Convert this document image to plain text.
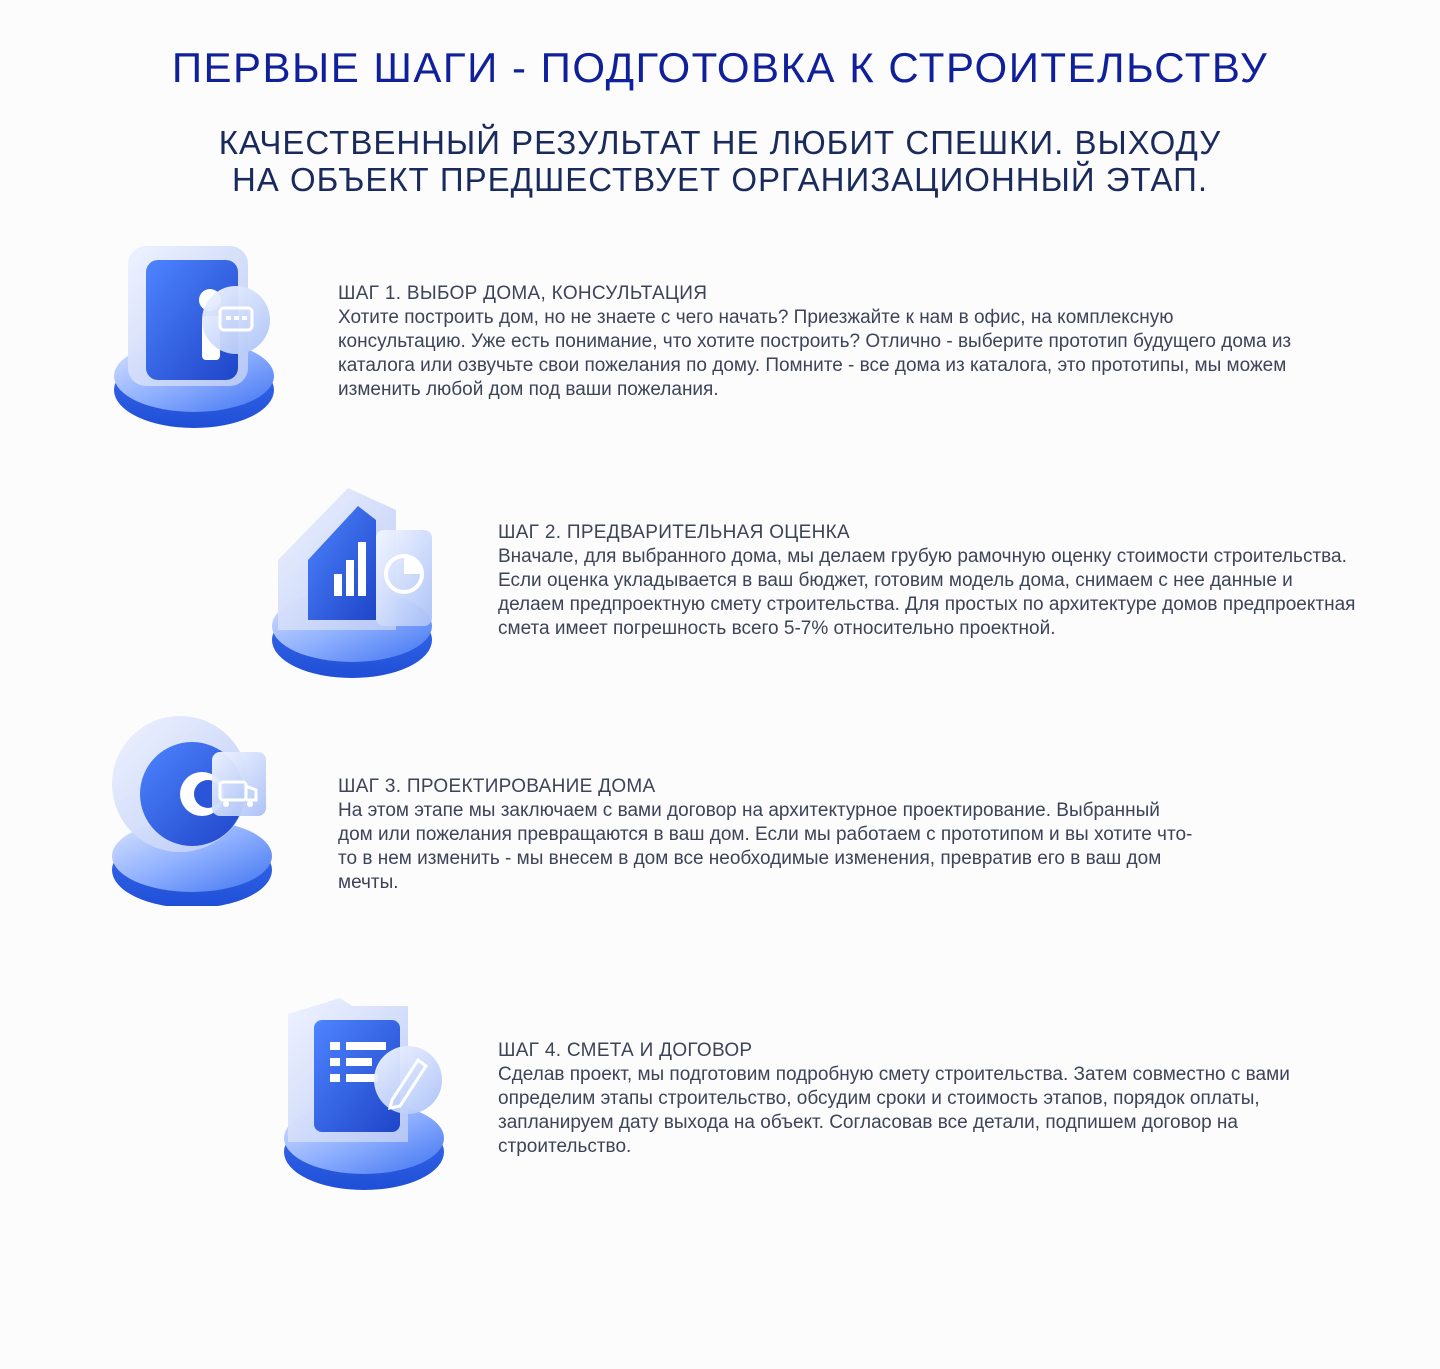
ПЕРВЫЕ ШАГИ - ПОДГОТОВКА К СТРОИТЕЛЬСТВУ

КАЧЕСТВЕННЫЙ РЕЗУЛЬТАТ НЕ ЛЮБИТ СПЕШКИ. ВЫХОДУ НА ОБЪЕКТ ПРЕДШЕСТВУЕТ ОРГАНИЗАЦИОННЫЙ ЭТАП.

ШАГ 1. ВЫБОР ДОМА, КОНСУЛЬТАЦИЯ
Хотите построить дом, но не знаете с чего начать? Приезжайте к нам в офис, на комплексную консультацию. Уже есть понимание, что хотите построить? Отлично - выберите прототип будущего дома из каталога или озвучьте свои пожелания по дому. Помните - все дома из каталога, это прототипы, мы можем изменить любой дом под ваши пожелания.
ШАГ 2. ПРЕДВАРИТЕЛЬНАЯ ОЦЕНКА
Вначале, для выбранного дома, мы делаем грубую рамочную оценку стоимости строительства. Если оценка укладывается в ваш бюджет, готовим модель дома, снимаем с нее данные и делаем предпроектную смету строительства. Для простых по архитектуре домов предпроектная смета имеет погрешность всего 5-7% относительно проектной.
ШАГ 3. ПРОЕКТИРОВАНИЕ ДОМА
На этом этапе мы заключаем с вами договор на архитектурное проектирование. Выбранный дом или пожелания превращаются в ваш дом. Если мы работаем с прототипом и вы хотите что-то в нем изменить - мы внесем в дом все необходимые изменения, превратив его в ваш дом мечты.
ШАГ 4. СМЕТА И ДОГОВОР
Сделав проект, мы подготовим подробную смету строительства. Затем совместно с вами определим этапы строительство, обсудим сроки и стоимость этапов, порядок оплаты, запланируем дату выхода на объект. Согласовав все детали, подпишем договор на строительство.
